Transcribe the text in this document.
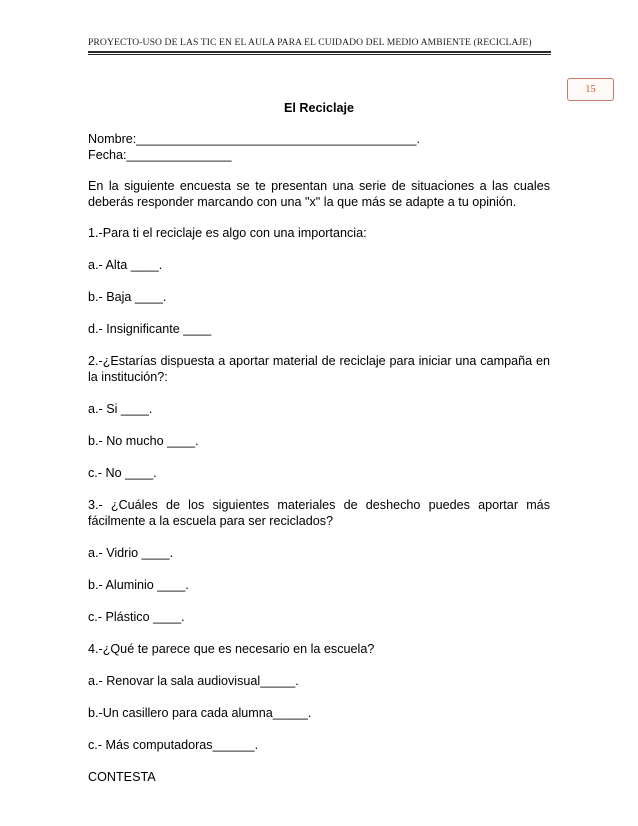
PROYECTO-USO DE LAS TIC EN EL AULA PARA EL CUIDADO DEL MEDIO AMBIENTE (RECICLAJE)
15
El Reciclaje
Nombre:________________________________________.
Fecha:_______________
En la siguiente encuesta se te presentan una serie de situaciones a las cuales deberás responder marcando con una "x" la que más se adapte a tu opinión.
1.-Para ti el reciclaje es algo con una importancia:
a.- Alta ____.
b.- Baja ____.
d.- Insignificante ____
2.-¿Estarías dispuesta a aportar material de reciclaje para iniciar una campaña en la institución?:
a.- Si ____.
b.- No mucho ____.
c.- No ____.
3.- ¿Cuáles de los siguientes materiales de deshecho puedes aportar más fácilmente a la escuela para ser reciclados?
a.- Vidrio ____.
b.- Aluminio ____.
c.- Plástico ____.
4.-¿Qué te parece que es necesario en la escuela?
a.- Renovar la sala audiovisual_____.
b.-Un casillero para cada alumna_____.
c.- Más computadoras______.
CONTESTA
